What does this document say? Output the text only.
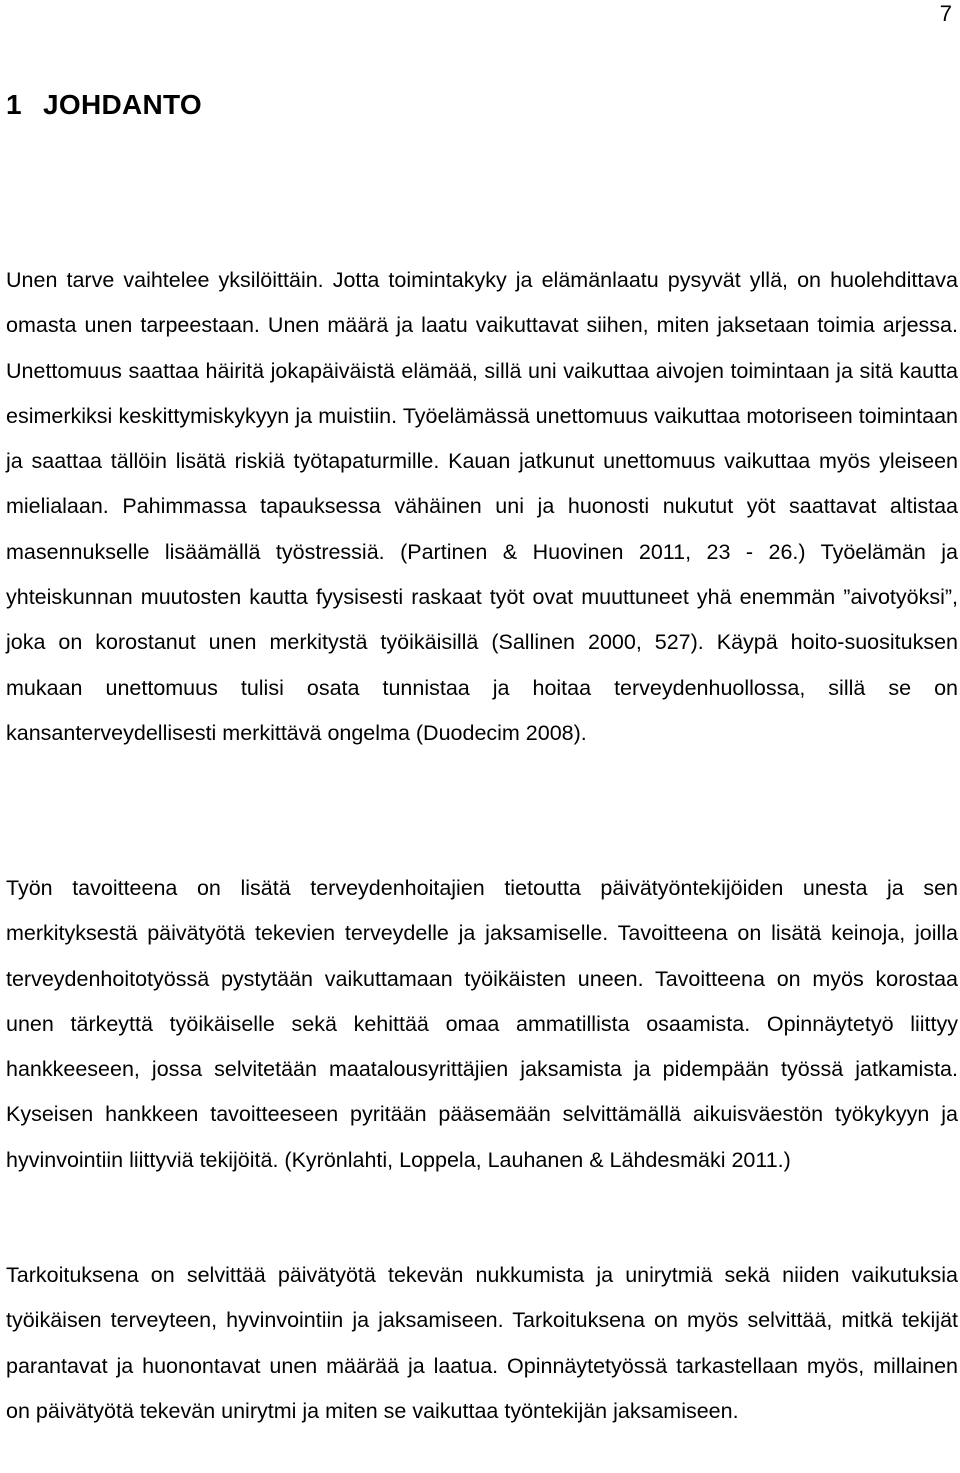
7
1 JOHDANTO

Unen tarve vaihtelee yksilöittäin. Jotta toimintakyky ja elämänlaatu pysyvät yllä, on huolehdittava omasta unen tarpeestaan. Unen määrä ja laatu vaikuttavat siihen, miten jaksetaan toimia arjessa. Unettomuus saattaa häiritä jokapäiväistä elämää, sillä uni vaikuttaa aivojen toimintaan ja sitä kautta esimerkiksi keskittymiskykyyn ja muistiin. Työelämässä unettomuus vaikuttaa motoriseen toimintaan ja saattaa tällöin lisätä riskiä työtapaturmille. Kauan jatkunut unettomuus vaikuttaa myös yleiseen mielialaan. Pahimmassa tapauksessa vähäinen uni ja huonosti nukutut yöt saattavat altistaa masennukselle lisäämällä työstressiä. (Partinen & Huovinen 2011, 23 - 26.) Työelämän ja yhteiskunnan muutosten kautta fyysisesti raskaat työt ovat muuttuneet yhä enemmän ”aivotyöksi”, joka on korostanut unen merkitystä työikäisillä (Sallinen 2000, 527). Käypä hoito-suosituksen mukaan unettomuus tulisi osata tunnistaa ja hoitaa terveydenhuollossa, sillä se on kansanterveydellisesti merkittävä ongelma (Duodecim 2008).

Työn tavoitteena on lisätä terveydenhoitajien tietoutta päivätyöntekijöiden unesta ja sen merkityksestä päivätyötä tekevien terveydelle ja jaksamiselle. Tavoitteena on lisätä keinoja, joilla terveydenhoitotyössä pystytään vaikuttamaan työikäisten uneen. Tavoitteena on myös korostaa unen tärkeyttä työikäiselle sekä kehittää omaa ammatillista osaamista. Opinnäytetyö liittyy hankkeeseen, jossa selvitetään maatalousyrittäjien jaksamista ja pidempään työssä jatkamista. Kyseisen hankkeen tavoitteeseen pyritään pääsemään selvittämällä aikuisväestön työkykyyn ja hyvinvointiin liittyviä tekijöitä. (Kyrönlahti, Loppela, Lauhanen & Lähdesmäki 2011.)

Tarkoituksena on selvittää päivätyötä tekevän nukkumista ja unirytmiä sekä niiden vaikutuksia työikäisen terveyteen, hyvinvointiin ja jaksamiseen. Tarkoituksena on myös selvittää, mitkä tekijät parantavat ja huonontavat unen määrää ja laatua. Opinnäytetyössä tarkastellaan myös, millainen on päivätyötä tekevän unirytmi ja miten se vaikuttaa työntekijän jaksamiseen.
